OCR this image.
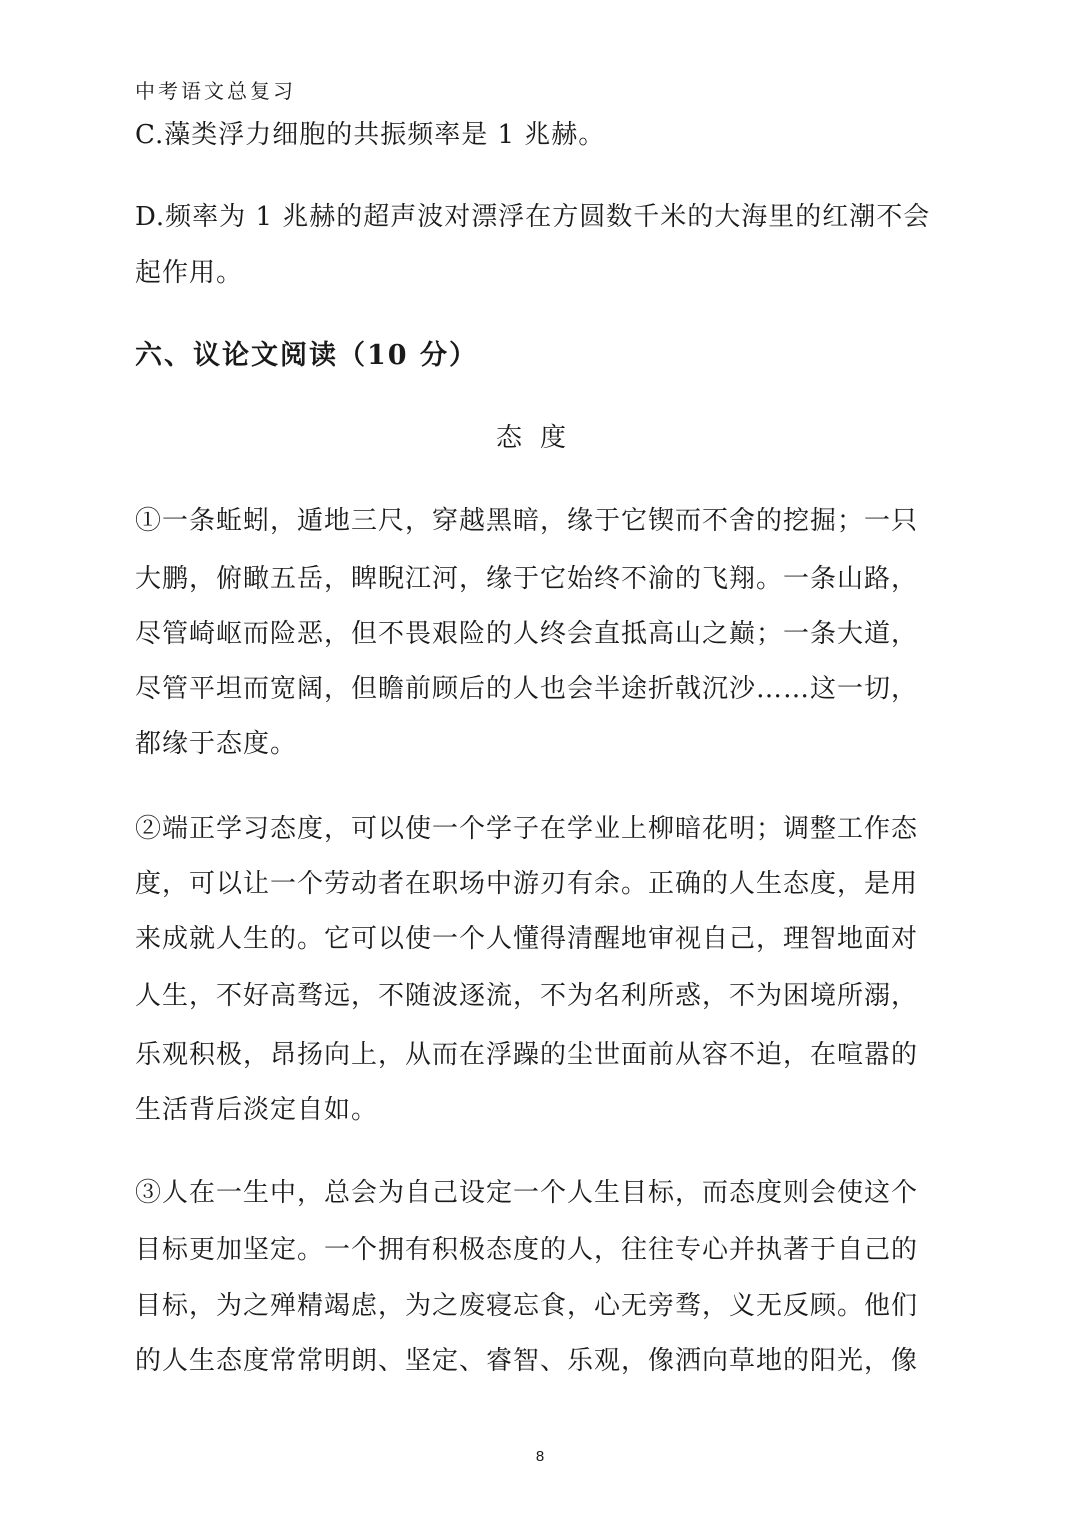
中考语文总复习
C.藻类浮力细胞的共振频率是 1 兆赫。
D.频率为 1 兆赫的超声波对漂浮在方圆数千米的大海里的红潮不会
起作用。
六、议论文阅读（10 分）
态度
①一条蚯蚓，遁地三尺，穿越黑暗，缘于它锲而不舍的挖掘；一只
大鹏，俯瞰五岳，睥睨江河，缘于它始终不渝的飞翔。一条山路，
尽管崎岖而险恶，但不畏艰险的人终会直抵高山之巅；一条大道，
尽管平坦而宽阔，但瞻前顾后的人也会半途折戟沉沙……这一切，
都缘于态度。
②端正学习态度，可以使一个学子在学业上柳暗花明；调整工作态
度，可以让一个劳动者在职场中游刃有余。正确的人生态度，是用
来成就人生的。它可以使一个人懂得清醒地审视自己，理智地面对
人生，不好高骛远，不随波逐流，不为名利所惑，不为困境所溺，
乐观积极，昂扬向上，从而在浮躁的尘世面前从容不迫，在喧嚣的
生活背后淡定自如。
③人在一生中，总会为自己设定一个人生目标，而态度则会使这个
目标更加坚定。一个拥有积极态度的人，往往专心并执著于自己的
目标，为之殚精竭虑，为之废寝忘食，心无旁骛，义无反顾。他们
的人生态度常常明朗、坚定、睿智、乐观，像洒向草地的阳光，像
8
